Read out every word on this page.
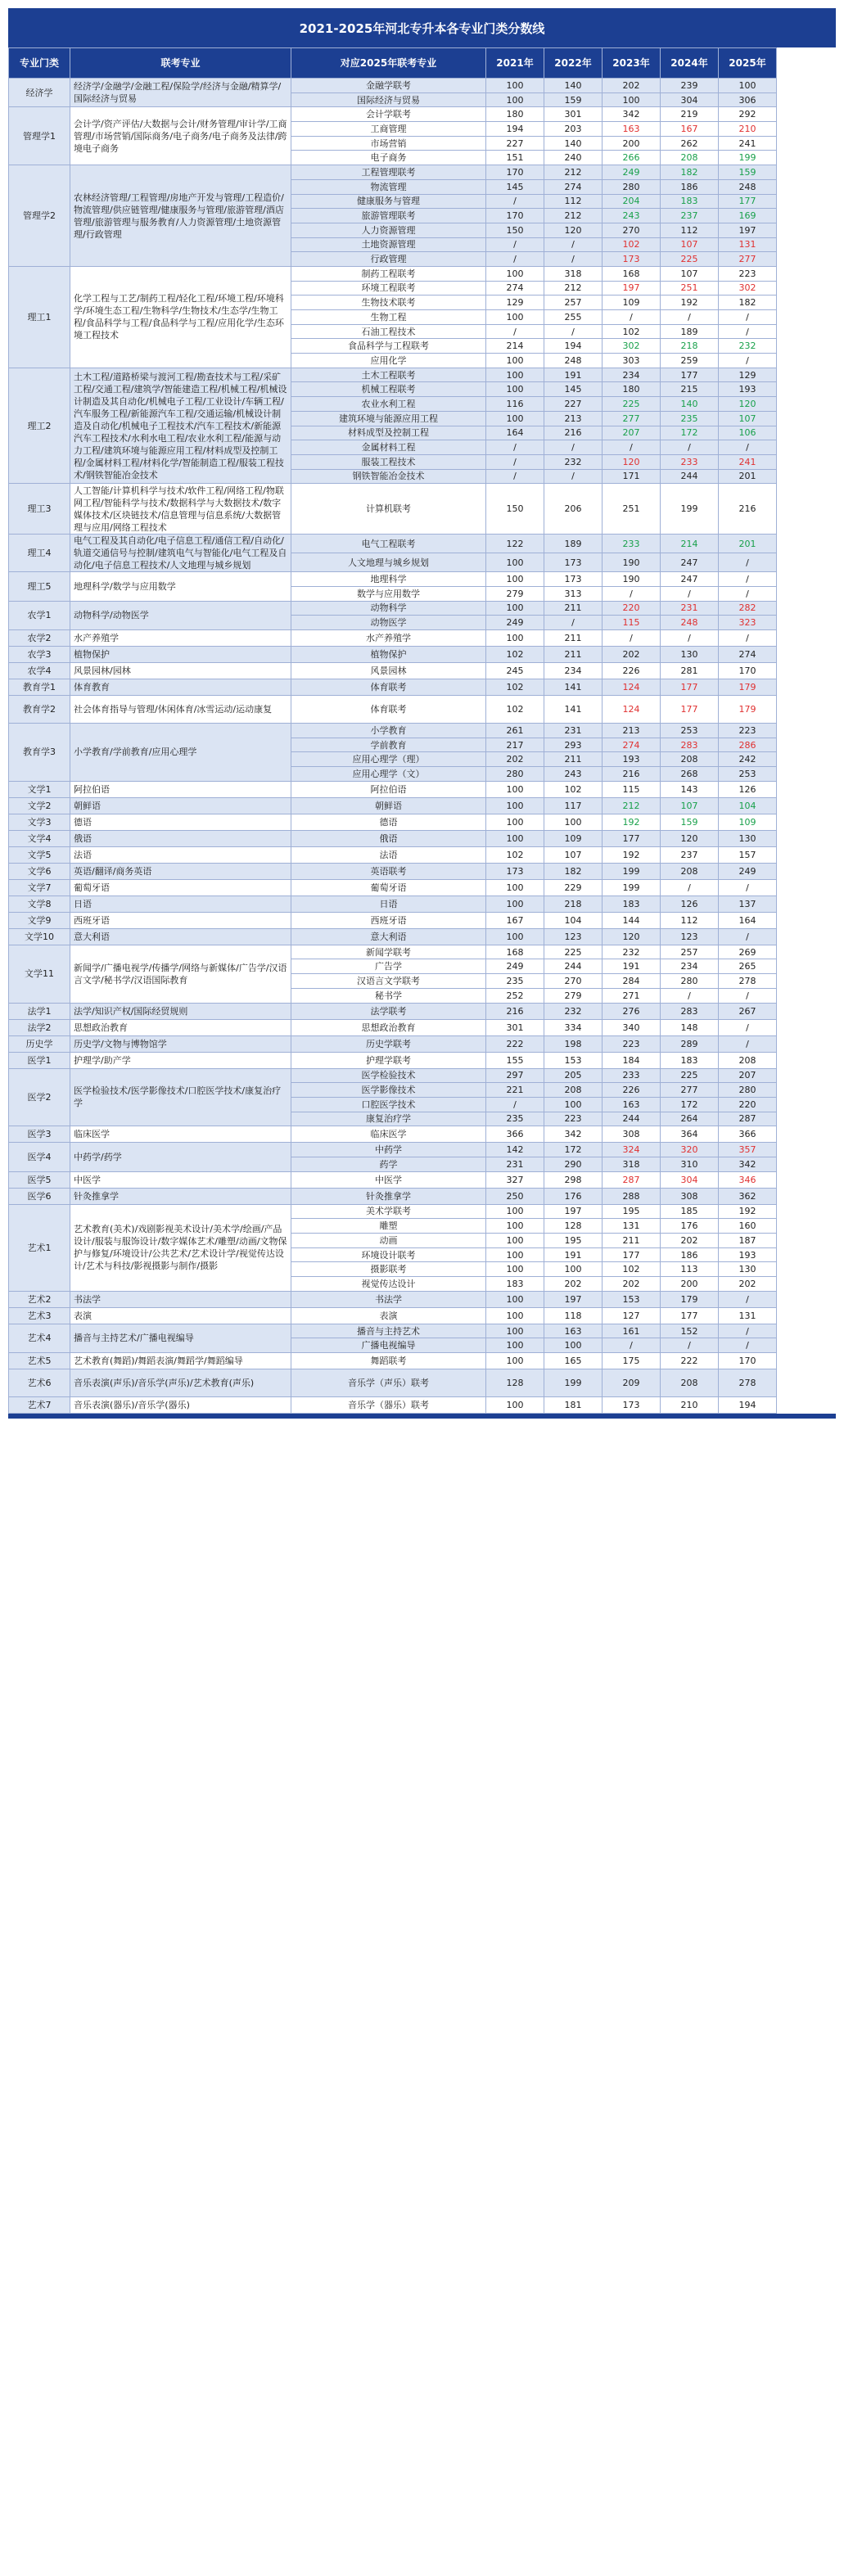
2021-2025年河北专升本各专业门类分数线
专业门类	联考专业	对应2025年联考专业	2021年	2022年	2023年	2024年	2025年
经济学	经济学/金融学/金融工程/保险学/经济与金融/精算学/国际经济与贸易	金融学联考	100	140	202	239	100
		国际经济与贸易	100	159	100	304	306
管理学1	会计学/资产评估/大数据与会计/财务管理/审计学/工商管理/市场营销/国际商务/电子商务/电子商务及法律/跨境电子商务	会计学联考	180	301	342	219	292
		工商管理	194	203	163	167	210
		市场营销	227	140	200	262	241
		电子商务	151	240	266	208	199
管理学2	农林经济管理/工程管理/房地产开发与管理/工程造价/物流管理/供应链管理/健康服务与管理/旅游管理/酒店管理/旅游管理与服务教育/人力资源管理/土地资源管理/行政管理	工程管理联考	170	212	249	182	159
		物流管理	145	274	280	186	248
		健康服务与管理	/	112	204	183	177
		旅游管理联考	170	212	243	237	169
		人力资源管理	150	120	270	112	197
		土地资源管理	/	/	102	107	131
		行政管理	/	/	173	225	277
理工1	化学工程与工艺/制药工程/轻化工程/环境工程/环境科学/环境生态工程/生物科学/生物技术/生态学/生物工程/食品科学与工程/食品科学与工程/应用化学/生态环境工程技术	制药工程联考	100	318	168	107	223
		环境工程联考	274	212	197	251	302
		生物技术联考	129	257	109	192	182
		生物工程	100	255	/	/	/
		石油工程技术	/	/	102	189	/
		食品科学与工程联考	214	194	302	218	232
		应用化学	100	248	303	259	/
理工2	土木工程/道路桥梁与渡河工程/勘查技术与工程/采矿工程/交通工程/建筑学/智能建造工程/机械工程/机械设计制造及其自动化/机械电子工程/工业设计/车辆工程/汽车服务工程/新能源汽车工程/交通运输/机械设计制造及自动化/机械电子工程技术/汽车工程技术/新能源汽车工程技术/水利水电工程/农业水利工程/能源与动力工程/建筑环境与能源应用工程/材料成型及控制工程/金属材料工程/材料化学/智能制造工程/服装工程技术/钢铁智能冶金技术	土木工程联考	100	191	234	177	129
		机械工程联考	100	145	180	215	193
		农业水利工程	116	227	225	140	120
		建筑环境与能源应用工程	100	213	277	235	107
		材料成型及控制工程	164	216	207	172	106
		金属材料工程	/	/	/	/	/
		服装工程技术	/	232	120	233	241
		钢铁智能冶金技术	/	/	171	244	201
理工3	人工智能/计算机科学与技术/软件工程/网络工程/物联网工程/智能科学与技术/数据科学与大数据技术/数字媒体技术/区块链技术/信息管理与信息系统/大数据管理与应用/网络工程技术	计算机联考	150	206	251	199	216
理工4	电气工程及其自动化/电子信息工程/通信工程/自动化/轨道交通信号与控制/建筑电气与智能化/电气工程及自动化/电子信息工程技术/人文地理与城乡规划	电气工程联考	122	189	233	214	201
		人文地理与城乡规划	100	173	190	247	/
理工5	地理科学/数学与应用数学	地理科学	100	173	190	247	/
		数学与应用数学	279	313	/	/	/
农学1	动物科学/动物医学	动物科学	100	211	220	231	282
		动物医学	249	/	115	248	323
农学2	水产养殖学	水产养殖学	100	211	/	/	/
农学3	植物保护	植物保护	102	211	202	130	274
农学4	风景园林/园林	风景园林	245	234	226	281	170
教育学1	体育教育	体育联考	102	141	124	177	179
教育学2	社会体育指导与管理/休闲体育/冰雪运动/运动康复	体育联考	102	141	124	177	179
教育学3	小学教育/学前教育/应用心理学	小学教育	261	231	213	253	223
		学前教育	217	293	274	283	286
		应用心理学（理）	202	211	193	208	242
		应用心理学（文）	280	243	216	268	253
文学1	阿拉伯语	阿拉伯语	100	102	115	143	126
文学2	朝鲜语	朝鲜语	100	117	212	107	104
文学3	德语	德语	100	100	192	159	109
文学4	俄语	俄语	100	109	177	120	130
文学5	法语	法语	102	107	192	237	157
文学6	英语/翻译/商务英语	英语联考	173	182	199	208	249
文学7	葡萄牙语	葡萄牙语	100	229	199	/	/
文学8	日语	日语	100	218	183	126	137
文学9	西班牙语	西班牙语	167	104	144	112	164
文学10	意大利语	意大利语	100	123	120	123	/
文学11	新闻学/广播电视学/传播学/网络与新媒体/广告学/汉语言文学/秘书学/汉语国际教育	新闻学联考	168	225	232	257	269
		广告学	249	244	191	234	265
		汉语言文学联考	235	270	284	280	278
		秘书学	252	279	271	/	/
法学1	法学/知识产权/国际经贸规则	法学联考	216	232	276	283	267
法学2	思想政治教育	思想政治教育	301	334	340	148	/
历史学	历史学/文物与博物馆学	历史学联考	222	198	223	289	/
医学1	护理学/助产学	护理学联考	155	153	184	183	208
医学2	医学检验技术/医学影像技术/口腔医学技术/康复治疗学	医学检验技术	297	205	233	225	207
		医学影像技术	221	208	226	277	280
		口腔医学技术	/	100	163	172	220
		康复治疗学	235	223	244	264	287
医学3	临床医学	临床医学	366	342	308	364	366
医学4	中药学/药学	中药学	142	172	324	320	357
		药学	231	290	318	310	342
医学5	中医学	中医学	327	298	287	304	346
医学6	针灸推拿学	针灸推拿学	250	176	288	308	362
艺术1	艺术教育(美术)/戏剧影视美术设计/美术学/绘画/产品设计/服装与服饰设计/数字媒体艺术/雕塑/动画/文物保护与修复/环境设计/公共艺术/艺术设计学/视觉传达设计/艺术与科技/影视摄影与制作/摄影	美术学联考	100	197	195	185	192
		雕塑	100	128	131	176	160
		动画	100	195	211	202	187
		环境设计联考	100	191	177	186	193
		摄影联考	100	100	102	113	130
		视觉传达设计	183	202	202	200	202
艺术2	书法学	书法学	100	197	153	179	/
艺术3	表演	表演	100	118	127	177	131
艺术4	播音与主持艺术/广播电视编导	播音与主持艺术	100	163	161	152	/
		广播电视编导	100	100	/	/	/
艺术5	艺术教育(舞蹈)/舞蹈表演/舞蹈学/舞蹈编导	舞蹈联考	100	165	175	222	170
艺术6	音乐表演(声乐)/音乐学(声乐)/艺术教育(声乐)	音乐学（声乐）联考	128	199	209	208	278
艺术7	音乐表演(器乐)/音乐学(器乐)	音乐学（器乐）联考	100	181	173	210	194
